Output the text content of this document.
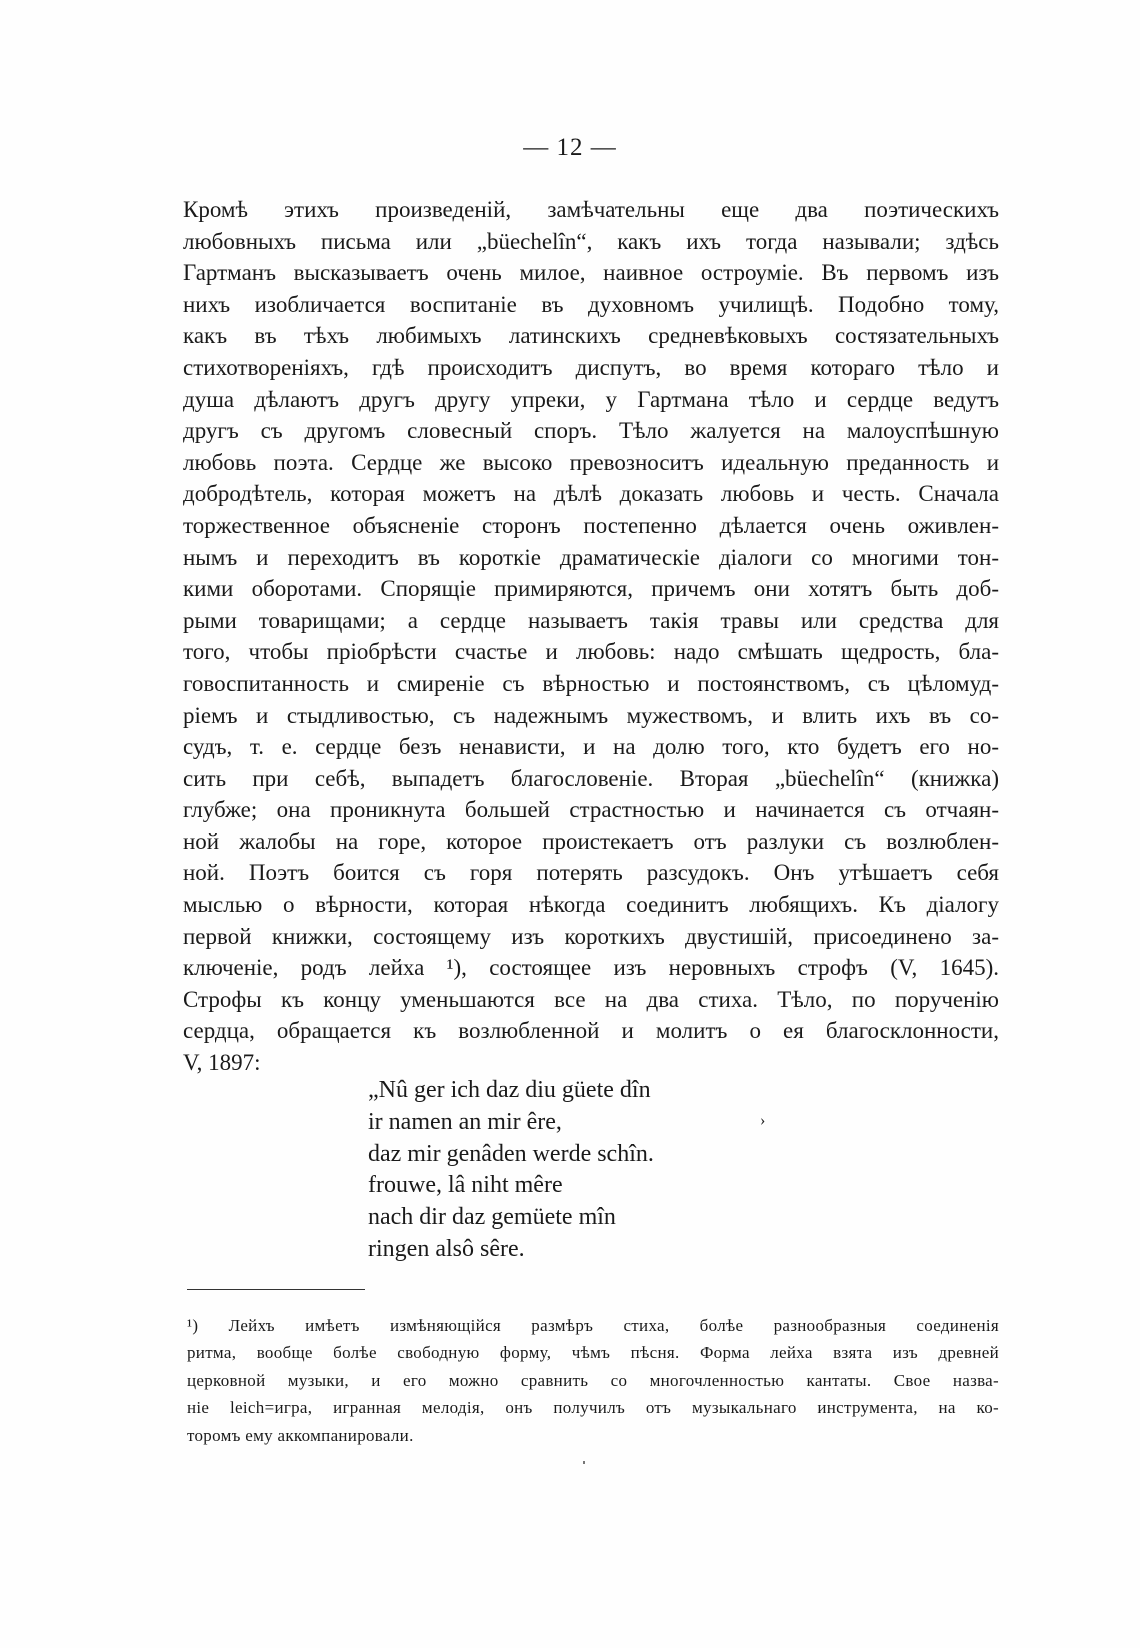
— 12 —
Кромѣ этихъ произведеній, замѣчательны еще два поэтическихъ
любовныхъ письма или „büechelîn“, какъ ихъ тогда называли; здѣсь
Гартманъ высказываетъ очень милое, наивное остроуміе. Въ первомъ изъ
нихъ изобличается воспитаніе въ духовномъ училищѣ. Подобно тому,
какъ въ тѣхъ любимыхъ латинскихъ средневѣковыхъ состязательныхъ
стихотвореніяхъ, гдѣ происходитъ диспутъ, во время котораго тѣло и
душа дѣлаютъ другъ другу упреки, у Гартмана тѣло и сердце ведутъ
другъ съ другомъ словесный споръ. Тѣло жалуется на малоуспѣшную
любовь поэта. Сердце же высоко превозноситъ идеальную преданность и
добродѣтель, которая можетъ на дѣлѣ доказать любовь и честь. Сначала
торжественное объясненіе сторонъ постепенно дѣлается очень оживлен-
нымъ и переходитъ въ короткіе драматическіе діалоги со многими тон-
кими оборотами. Спорящіе примиряются, причемъ они хотятъ быть доб-
рыми товарищами; а сердце называетъ такія травы или средства для
того, чтобы пріобрѣсти счастье и любовь: надо смѣшать щедрость, бла-
говоспитанность и смиреніе съ вѣрностью и постоянствомъ, съ цѣломуд-
ріемъ и стыдливостью, съ надежнымъ мужествомъ, и влить ихъ въ со-
судъ, т. е. сердце безъ ненависти, и на долю того, кто будетъ его но-
сить при себѣ, выпадетъ благословеніе. Вторая „büechelîn“ (книжка)
глубже; она проникнута большей страстностью и начинается съ отчаян-
ной жалобы на горе, которое проистекаетъ отъ разлуки съ возлюблен-
ной. Поэтъ боится съ горя потерять разсудокъ. Онъ утѣшаетъ себя
мыслью о вѣрности, которая нѣкогда соединитъ любящихъ. Къ діалогу
первой книжки, состоящему изъ короткихъ двустишій, присоединено за-
ключеніе, родъ лейха ¹), состоящее изъ неровныхъ строфъ (V, 1645).
Строфы къ концу уменьшаются все на два стиха. Тѣло, по порученію
сердца, обращается къ возлюбленной и молитъ о ея благосклонности,
V, 1897:
„Nû ger ich daz diu güete dîn
ir namen an mir êre,
daz mir genâden werde schîn.
frouwe, lâ niht mêre
nach dir daz gemüete mîn
ringen alsô sêre.
›
¹) Лейхъ имѣетъ измѣняющійся размѣръ стиха, болѣе разнообразныя соединенія
ритма, вообще болѣе свободную форму, чѣмъ пѣсня. Форма лейха взята изъ древней
церковной музыки, и его можно сравнить со многочленностью кантаты. Свое назва-
ніе leich=игра, игранная мелодія, онъ получилъ отъ музыкальнаго инструмента, на ко-
торомъ ему аккомпанировали.
